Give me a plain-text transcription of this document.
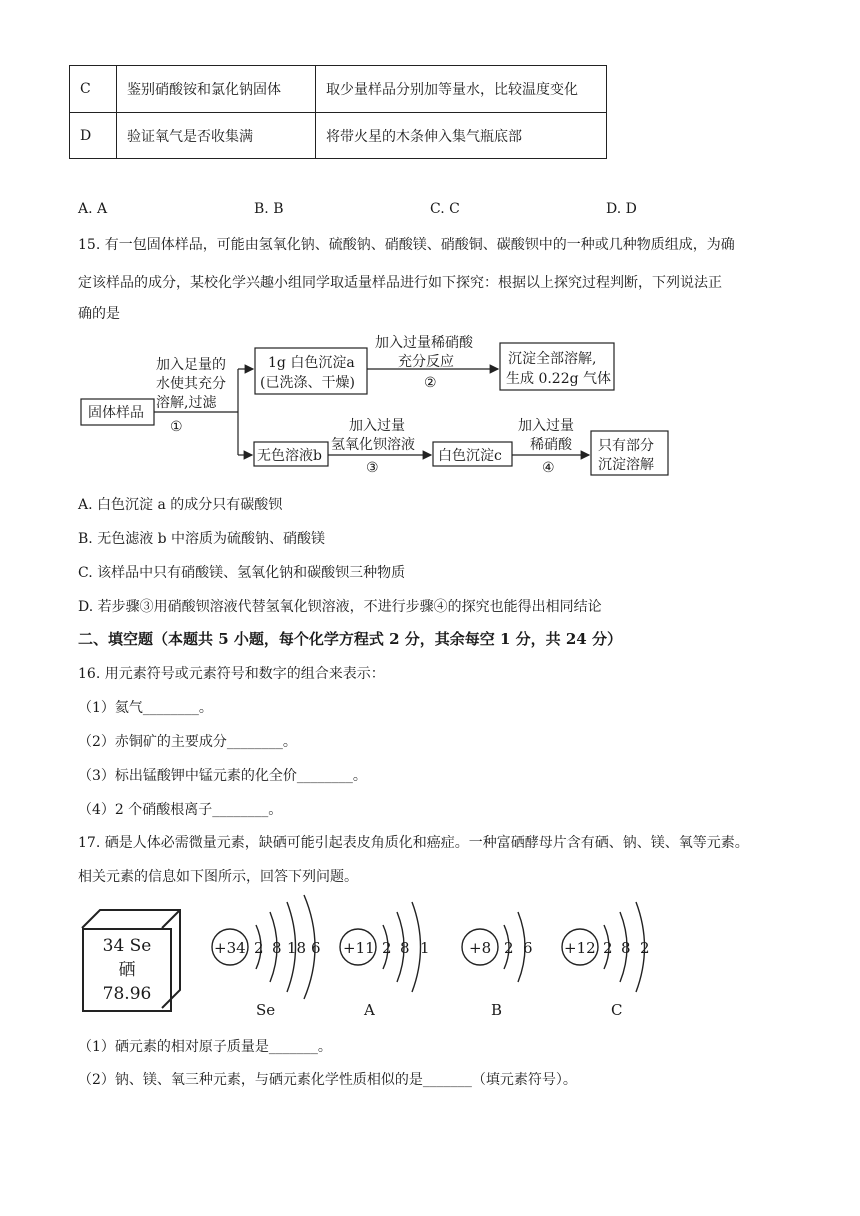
C	鉴别硝酸铵和氯化钠固体	取少量样品分别加等量水，比较温度变化
D	验证氧气是否收集满	将带火星的木条伸入集气瓶底部
A. A	B. B	C. C	D. D
15. 有一包固体样品，可能由氢氧化钠、硫酸钠、硝酸镁、硝酸铜、碳酸钡中的一种或几种物质组成，为确
定该样品的成分，某校化学兴趣小组同学取适量样品进行如下探究：根据以上探究过程判断，下列说法正
确的是
固体样品
加入足量的
水使其充分
溶解,过滤
①
1g 白色沉淀a
(已洗涤、干燥)
加入过量稀硝酸
充分反应
②
沉淀全部溶解,
生成 0.22g 气体
无色溶液b
加入过量
氢氧化钡溶液
③
白色沉淀c
加入过量
稀硝酸
④
只有部分
沉淀溶解
A. 白色沉淀 a 的成分只有碳酸钡
B. 无色滤液 b 中溶质为硫酸钠、硝酸镁
C. 该样品中只有硝酸镁、氢氧化钠和碳酸钡三种物质
D. 若步骤③用硝酸钡溶液代替氢氧化钡溶液，不进行步骤④的探究也能得出相同结论
二、填空题（本题共 5 小题，每个化学方程式 2 分，其余每空 1 分，共 24 分）
16. 用元素符号或元素符号和数字的组合来表示：
（1）氦气________。
（2）赤铜矿的主要成分________。
（3）标出锰酸钾中锰元素的化全价________。
（4）2 个硝酸根离子________。
17. 硒是人体必需微量元素，缺硒可能引起表皮角质化和癌症。一种富硒酵母片含有硒、钠、镁、氧等元素。
相关元素的信息如下图所示，回答下列问题。
34 Se
硒
78.96
+34 2 8 18 6
Se
+11 2 8 1
A
+8 2 6
B
+12 2 8 2
C
（1）硒元素的相对原子质量是_______。
（2）钠、镁、氧三种元素，与硒元素化学性质相似的是_______（填元素符号）。
